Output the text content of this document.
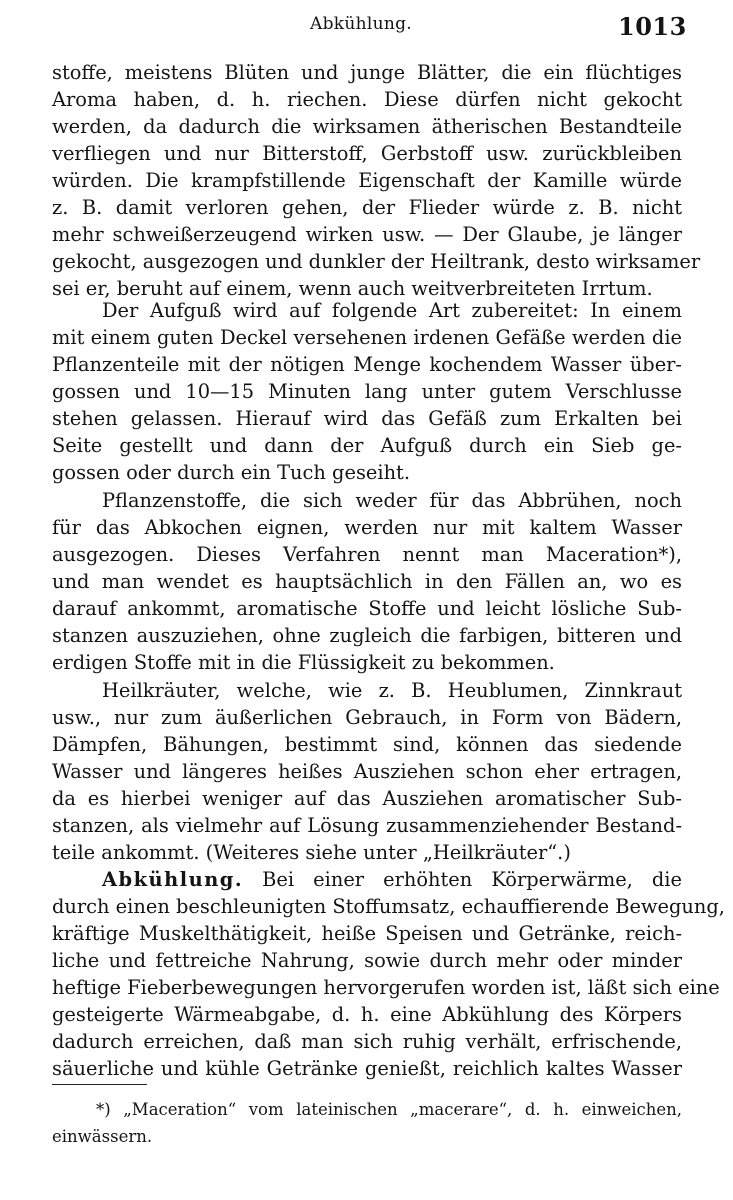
Abkühlung.	1013
stoffe, meistens Blüten und junge Blätter, die ein flüchtiges
Aroma haben, d. h. riechen. Diese dürfen nicht gekocht
werden, da dadurch die wirksamen ätherischen Bestandteile
verfliegen und nur Bitterstoff, Gerbstoff usw. zurückbleiben
würden. Die krampfstillende Eigenschaft der Kamille würde
z. B. damit verloren gehen, der Flieder würde z. B. nicht
mehr schweißerzeugend wirken usw. — Der Glaube, je länger
gekocht, ausgezogen und dunkler der Heiltrank, desto wirksamer
sei er, beruht auf einem, wenn auch weitverbreiteten Irrtum.
Der Aufguß wird auf folgende Art zubereitet: In einem
mit einem guten Deckel versehenen irdenen Gefäße werden die
Pflanzenteile mit der nötigen Menge kochendem Wasser über-
gossen und 10—15 Minuten lang unter gutem Verschlusse
stehen gelassen. Hierauf wird das Gefäß zum Erkalten bei
Seite gestellt und dann der Aufguß durch ein Sieb ge-
gossen oder durch ein Tuch geseiht.
Pflanzenstoffe, die sich weder für das Abbrühen, noch
für das Abkochen eignen, werden nur mit kaltem Wasser
ausgezogen. Dieses Verfahren nennt man Maceration*),
und man wendet es hauptsächlich in den Fällen an, wo es
darauf ankommt, aromatische Stoffe und leicht lösliche Sub-
stanzen auszuziehen, ohne zugleich die farbigen, bitteren und
erdigen Stoffe mit in die Flüssigkeit zu bekommen.
Heilkräuter, welche, wie z. B. Heublumen, Zinnkraut
usw., nur zum äußerlichen Gebrauch, in Form von Bädern,
Dämpfen, Bähungen, bestimmt sind, können das siedende
Wasser und längeres heißes Ausziehen schon eher ertragen,
da es hierbei weniger auf das Ausziehen aromatischer Sub-
stanzen, als vielmehr auf Lösung zusammenziehender Bestand-
teile ankommt. (Weiteres siehe unter „Heilkräuter“.)
Abkühlung. Bei einer erhöhten Körperwärme, die
durch einen beschleunigten Stoffumsatz, echauffierende Bewegung,
kräftige Muskelthätigkeit, heiße Speisen und Getränke, reich-
liche und fettreiche Nahrung, sowie durch mehr oder minder
heftige Fieberbewegungen hervorgerufen worden ist, läßt sich eine
gesteigerte Wärmeabgabe, d. h. eine Abkühlung des Körpers
dadurch erreichen, daß man sich ruhig verhält, erfrischende,
säuerliche und kühle Getränke genießt, reichlich kaltes Wasser
*) „Maceration“ vom lateinischen „macerare“, d. h. einweichen,
einwässern.
